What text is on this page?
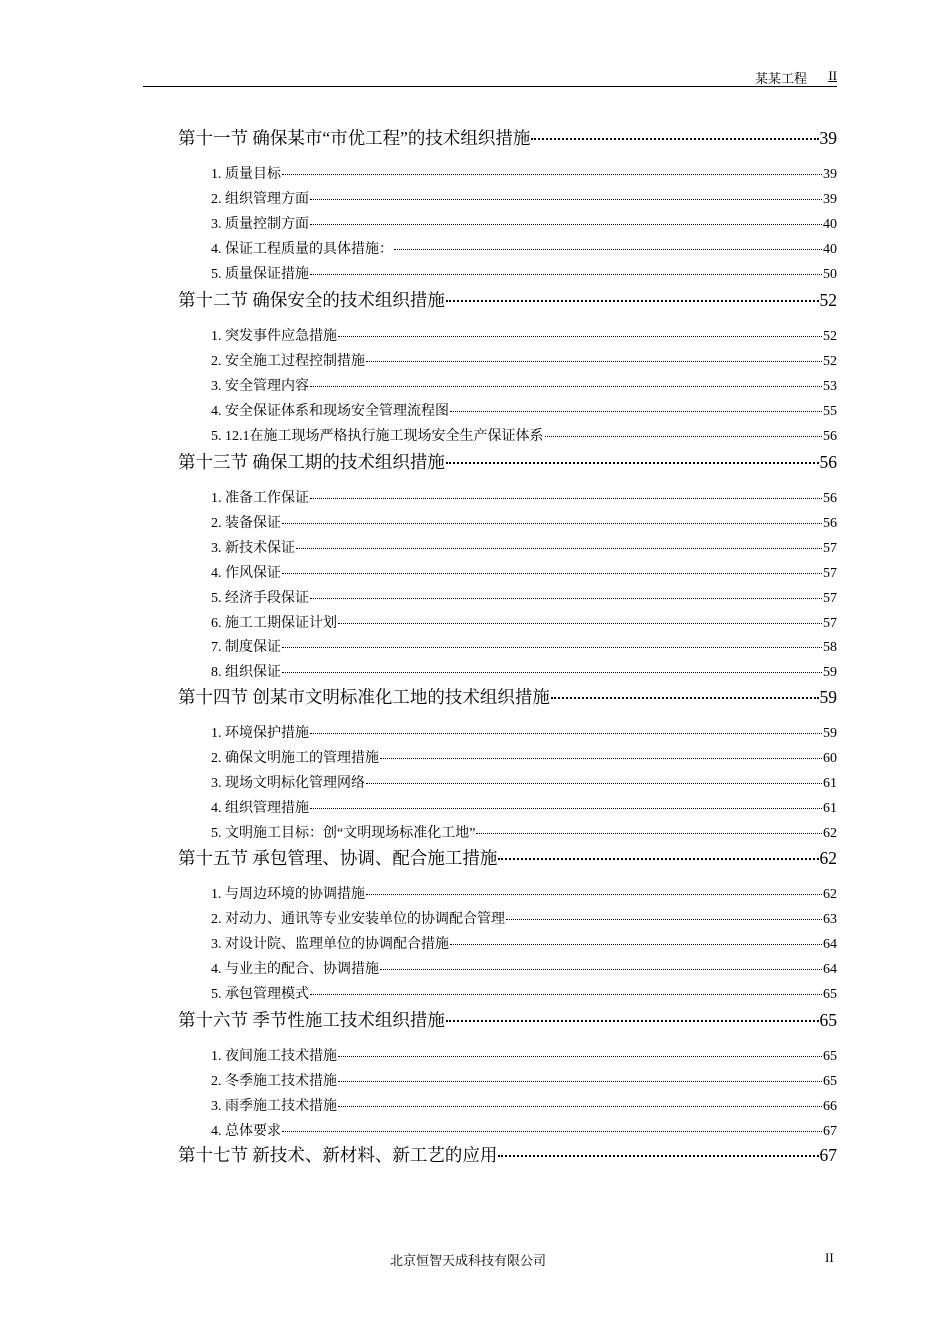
某某工程 II
第十一节 确保某市“市优工程”的技术组织措施	39
1. 质量目标	39
2. 组织管理方面	39
3. 质量控制方面	40
4. 保证工程质量的具体措施：	40
5. 质量保证措施	50
第十二节 确保安全的技术组织措施	52
1. 突发事件应急措施	52
2. 安全施工过程控制措施	52
3. 安全管理内容	53
4. 安全保证体系和现场安全管理流程图	55
5. 12.1在施工现场严格执行施工现场安全生产保证体系	56
第十三节 确保工期的技术组织措施	56
1. 准备工作保证	56
2. 装备保证	56
3. 新技术保证	57
4. 作风保证	57
5. 经济手段保证	57
6. 施工工期保证计划	57
7. 制度保证	58
8. 组织保证	59
第十四节 创某市文明标准化工地的技术组织措施	59
1. 环境保护措施	59
2. 确保文明施工的管理措施	60
3. 现场文明标化管理网络	61
4. 组织管理措施	61
5. 文明施工目标：创“文明现场标准化工地”	62
第十五节 承包管理、协调、配合施工措施	62
1. 与周边环境的协调措施	62
2. 对动力、通讯等专业安装单位的协调配合管理	63
3. 对设计院、监理单位的协调配合措施	64
4. 与业主的配合、协调措施	64
5. 承包管理模式	65
第十六节 季节性施工技术组织措施	65
1. 夜间施工技术措施	65
2. 冬季施工技术措施	65
3. 雨季施工技术措施	66
4. 总体要求	67
第十七节 新技术、新材料、新工艺的应用	67
北京恒智天成科技有限公司	II
